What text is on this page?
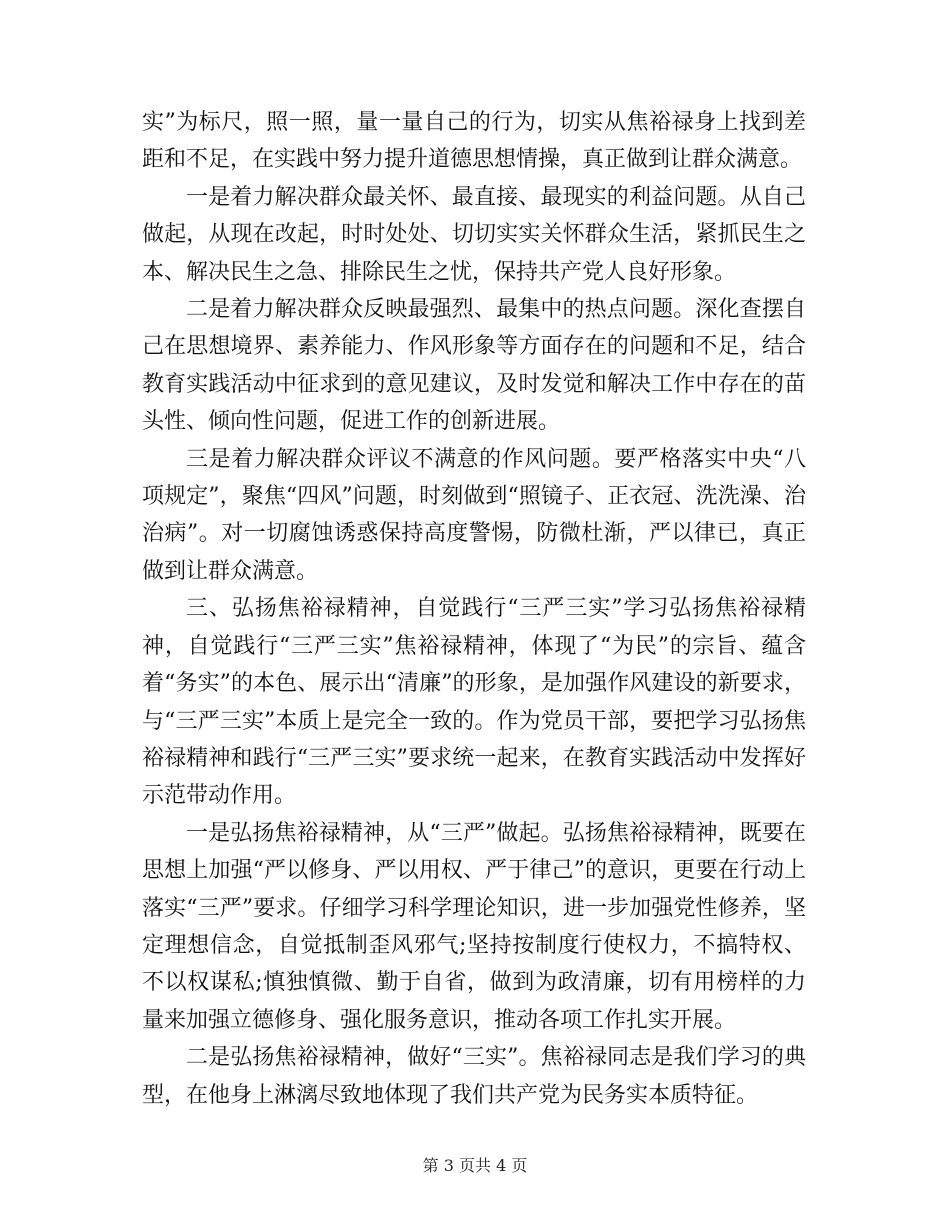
实”为标尺，照一照，量一量自己的行为，切实从焦裕禄身上找到差距和不足，在实践中努力提升道德思想情操，真正做到让群众满意。

一是着力解决群众最关怀、最直接、最现实的利益问题。从自己做起，从现在改起，时时处处、切切实实关怀群众生活，紧抓民生之本、解决民生之急、排除民生之忧，保持共产党人良好形象。

二是着力解决群众反映最强烈、最集中的热点问题。深化查摆自己在思想境界、素养能力、作风形象等方面存在的问题和不足，结合教育实践活动中征求到的意见建议，及时发觉和解决工作中存在的苗头性、倾向性问题，促进工作的创新进展。

三是着力解决群众评议不满意的作风问题。要严格落实中央“八项规定”，聚焦“四风”问题，时刻做到“照镜子、正衣冠、洗洗澡、治治病”。对一切腐蚀诱惑保持高度警惕，防微杜渐，严以律已，真正做到让群众满意。

三、弘扬焦裕禄精神，自觉践行“三严三实”学习弘扬焦裕禄精神，自觉践行“三严三实”焦裕禄精神，体现了“为民”的宗旨、蕴含着“务实”的本色、展示出“清廉”的形象，是加强作风建设的新要求，与“三严三实”本质上是完全一致的。作为党员干部，要把学习弘扬焦裕禄精神和践行“三严三实”要求统一起来，在教育实践活动中发挥好示范带动作用。

一是弘扬焦裕禄精神，从“三严”做起。弘扬焦裕禄精神，既要在思想上加强“严以修身、严以用权、严于律己”的意识，更要在行动上落实“三严”要求。仔细学习科学理论知识，进一步加强党性修养，坚定理想信念，自觉抵制歪风邪气;坚持按制度行使权力，不搞特权、不以权谋私;慎独慎微、勤于自省，做到为政清廉，切有用榜样的力量来加强立德修身、强化服务意识，推动各项工作扎实开展。

二是弘扬焦裕禄精神，做好“三实”。焦裕禄同志是我们学习的典型，在他身上淋漓尽致地体现了我们共产党为民务实本质特征。

第 3 页共 4 页
